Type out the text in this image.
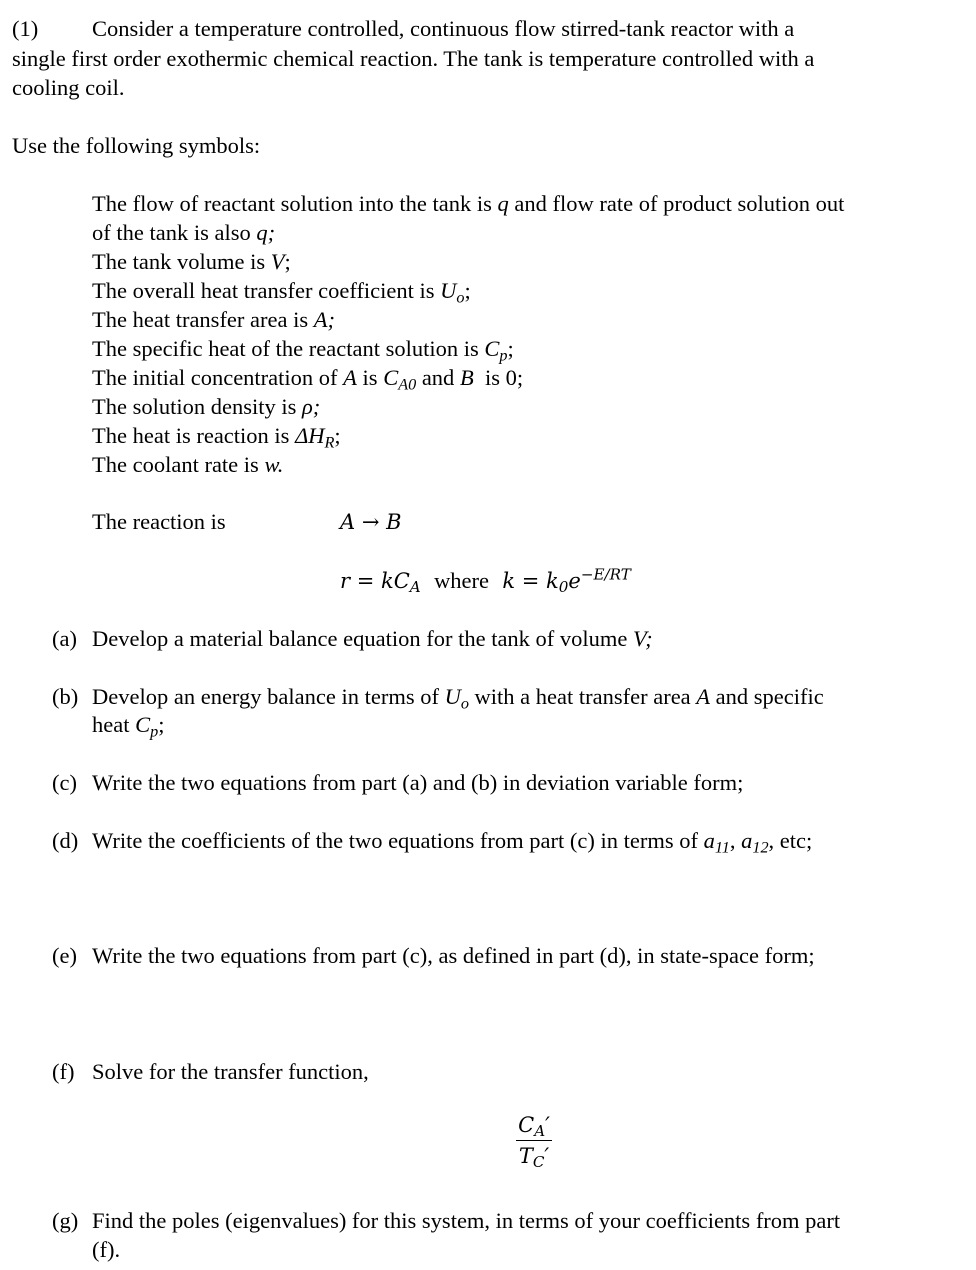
(1) Consider a temperature controlled, continuous flow stirred-tank reactor with a
single first order exothermic chemical reaction. The tank is temperature controlled with a
cooling coil.
Use the following symbols:
The flow of reactant solution into the tank is q and flow rate of product solution out
of the tank is also q;
The tank volume is V;
The overall heat transfer coefficient is $U_o$;
The heat transfer area is A;
The specific heat of the reactant solution is $C_p$;
The initial concentration of A is $C_{A0}$ and B is 0;
The solution density is ρ;
The heat is reaction is $\Delta H_R$;
The coolant rate is w.
The reaction is	A → B
$r = kC_A$ where $k = k_0e^{-E/RT}$
(a) Develop a material balance equation for the tank of volume V;
(b) Develop an energy balance in terms of $U_o$ with a heat transfer area A and specific
heat $C_p$;
(c) Write the two equations from part (a) and (b) in deviation variable form;
(d) Write the coefficients of the two equations from part (c) in terms of $a_{11}$, $a_{12}$, etc;
(e) Write the two equations from part (c), as defined in part (d), in state-space form;
(f) Solve for the transfer function,
$C_A'$
$T_C'$
(g) Find the poles (eigenvalues) for this system, in terms of your coefficients from part
(f).
